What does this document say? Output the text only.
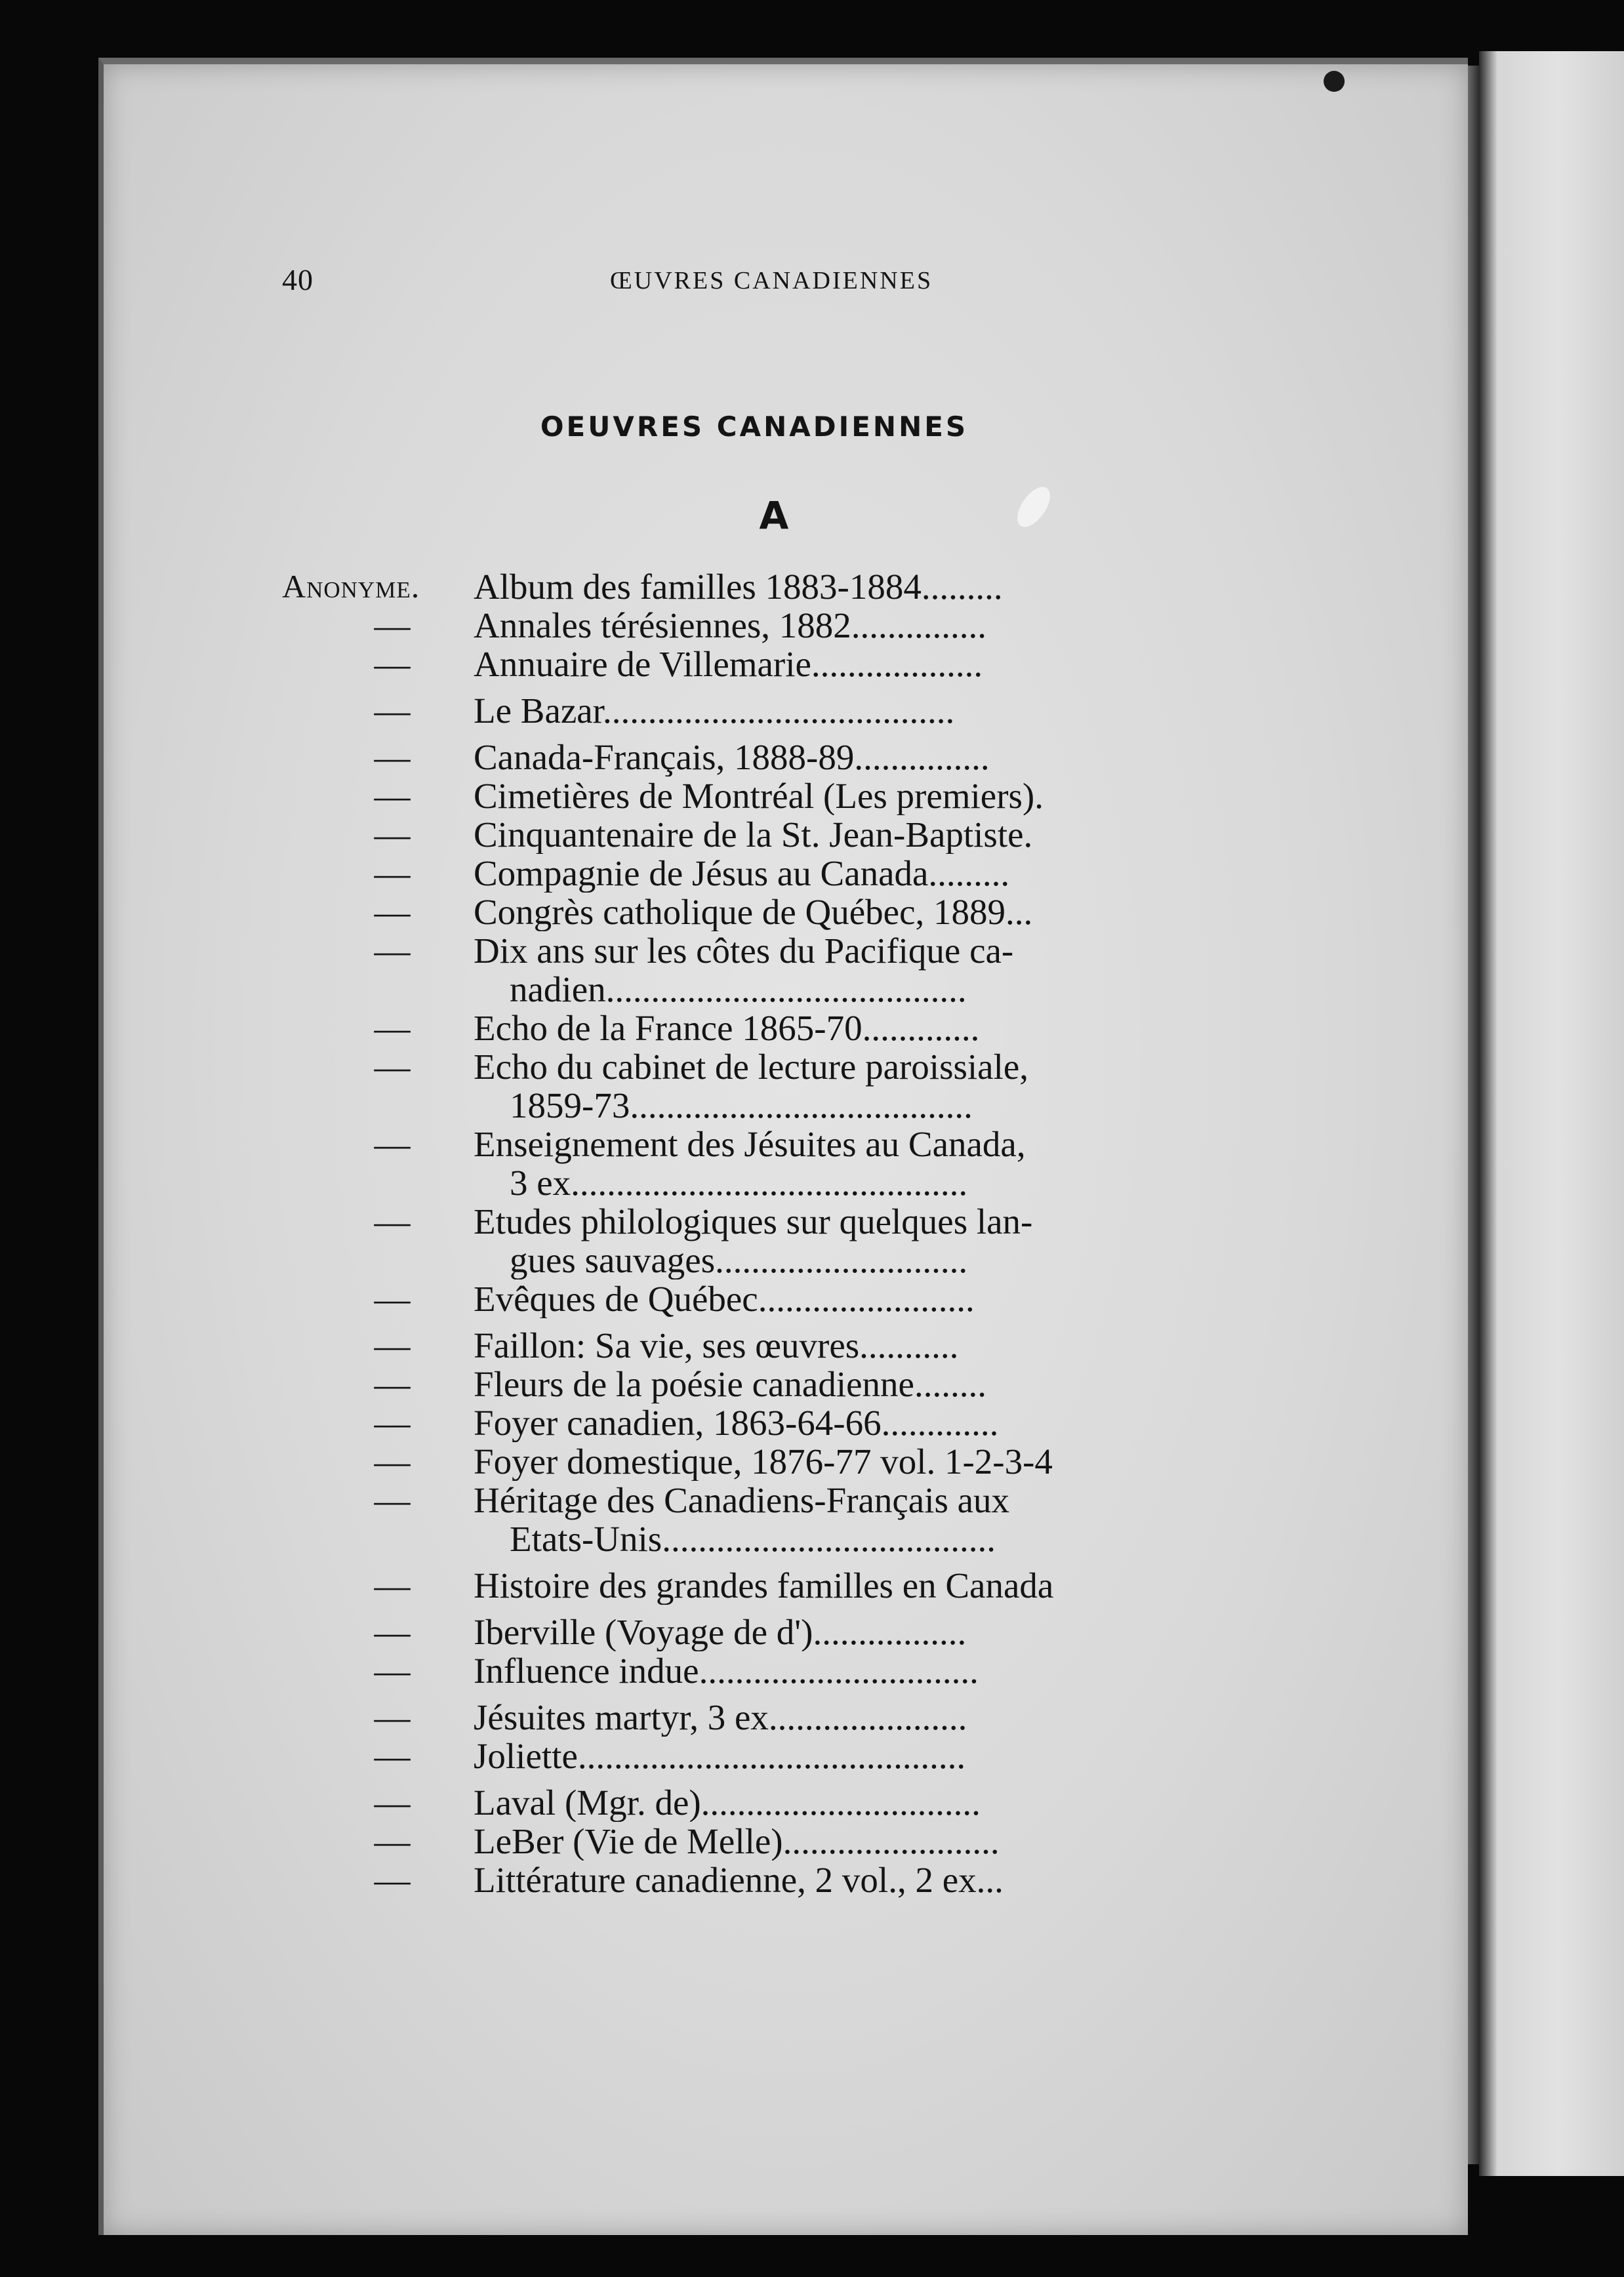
40	ŒUVRES CANADIENNES
OEUVRES CANADIENNES
A
Anonyme.	Album des familles 1883-1884.........
—	Annales térésiennes, 1882...............
—	Annuaire de Villemarie...................
—	Le Bazar.......................................
—	Canada-Français, 1888-89...............
—	Cimetières de Montréal (Les premiers).
—	Cinquantenaire de la St. Jean-Baptiste.
—	Compagnie de Jésus au Canada.........
—	Congrès catholique de Québec, 1889...
—	Dix ans sur les côtes du Pacifique ca-
nadien........................................
—	Echo de la France 1865-70.............
—	Echo du cabinet de lecture paroissiale,
1859-73......................................
—	Enseignement des Jésuites au Canada,
3 ex............................................
—	Etudes philologiques sur quelques lan-
gues sauvages............................
—	Evêques de Québec........................
—	Faillon: Sa vie, ses œuvres...........
—	Fleurs de la poésie canadienne........
—	Foyer canadien, 1863-64-66.............
—	Foyer domestique, 1876-77 vol. 1-2-3-4
—	Héritage des Canadiens-Français aux
Etats-Unis.....................................
—	Histoire des grandes familles en Canada
—	Iberville (Voyage de d').................
—	Influence indue...............................
—	Jésuites martyr, 3 ex......................
—	Joliette...........................................
—	Laval (Mgr. de)...............................
—	LeBer (Vie de Melle)........................
—	Littérature canadienne, 2 vol., 2 ex...
